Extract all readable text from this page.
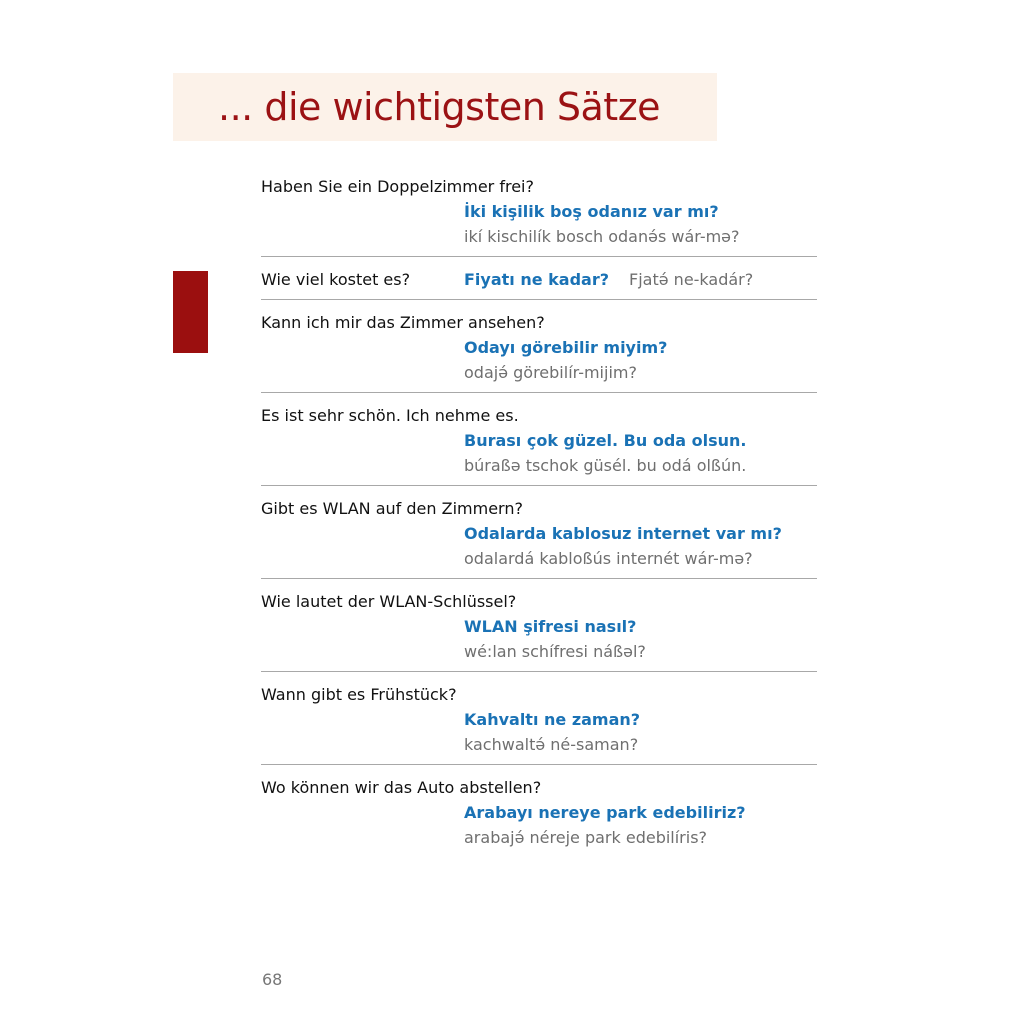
... die wichtigsten Sätze
Haben Sie ein Doppelzimmer frei?
İki kişilik boş odanız var mı?
ikí kischilík bosch odanə́s wár-mə?
Wie viel kostet es?	Fiyatı ne kadar? Fjatə́ ne-kadár?
Kann ich mir das Zimmer ansehen?
Odayı görebilir miyim?
odajə́ görebilír-mijim?
Es ist sehr schön. Ich nehme es.
Burası çok güzel. Bu oda olsun.
búraßə tschok güsél. bu odá olßún.
Gibt es WLAN auf den Zimmern?
Odalarda kablosuz internet var mı?
odalardá kabloßús internét wár-mə?
Wie lautet der WLAN-Schlüssel?
WLAN şifresi nasıl?
wé:lan schífresi náßəl?
Wann gibt es Frühstück?
Kahvaltı ne zaman?
kachwaltə́ né-saman?
Wo können wir das Auto abstellen?
Arabayı nereye park edebiliriz?
arabajə́ néreje park edebilíris?
68
